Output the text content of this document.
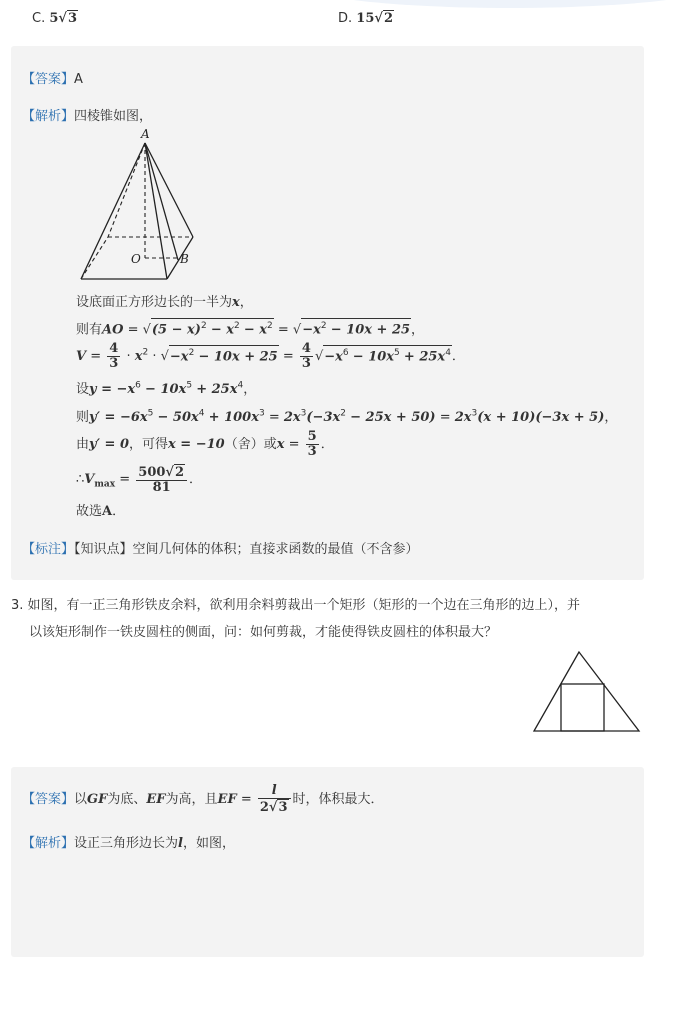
C. 5√3	D. 15√2
【答案】A
【解析】四棱锥如图，
A
O	B
设底面正方形边长的一半为x，
则有AO = $√(5 - x)^2 - x^2 - x^2 = √-x^2 - 10x + 25$，
$V = \frac{4}{3} \cdot x^2 \cdot √-x^2 - 10x + 25 = \frac{4}{3} √-x^6 - 10x^5 + 25x^4$．
设$y = -x^6 - 10x^5 + 25x^4$，
则$y' = -6x^5 - 50x^4 + 100x^3 = 2x^3(-3x^2 - 25x + 50) = 2x^3(x + 10)(-3x + 5)$，
由y′ = 0，可得x = −10（舍）或$x = \frac{5}{3}$ ．
$\therefore V_{max} = \frac{500√2}{81}$ ．
故选A．
【标注】【知识点】空间几何体的体积；直接求函数的最值（不含参）
3. 如图，有一正三角形铁皮余料，欲利用余料剪裁出一个矩形（矩形的一个边在三角形的边上），并
以该矩形制作一铁皮圆柱的侧面，问：如何剪裁，才能使得铁皮圆柱的体积最大？
【答案】以GF为底、EF为高，且EF = $\frac{l}{2√3}$ 时，体积最大．
【解析】设正三角形边长为l，如图，
